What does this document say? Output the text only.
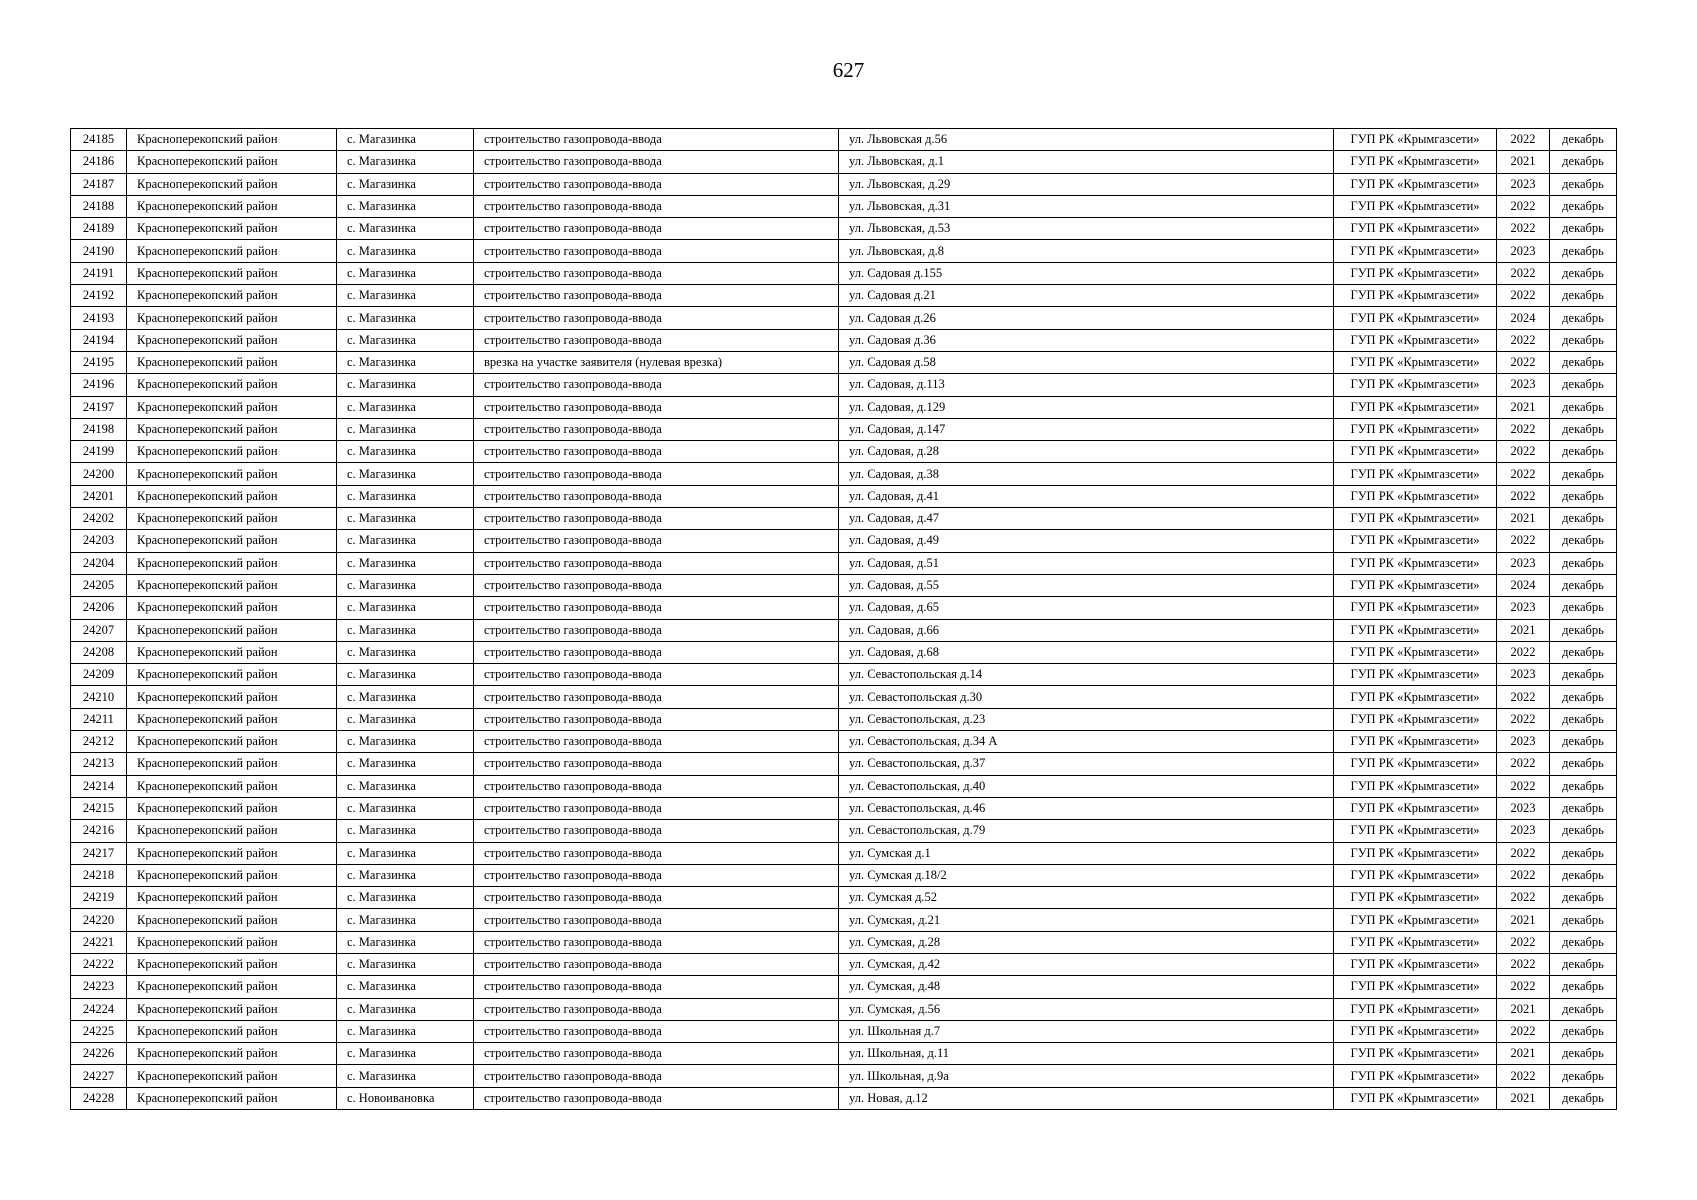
627
24185	Красноперекопский район	с. Магазинка	строительство газопровода-ввода	ул. Львовская д.56	ГУП РК «Крымгазсети»	2022	декабрь
24186	Красноперекопский район	с. Магазинка	строительство газопровода-ввода	ул. Львовская, д.1	ГУП РК «Крымгазсети»	2021	декабрь
24187	Красноперекопский район	с. Магазинка	строительство газопровода-ввода	ул. Львовская, д.29	ГУП РК «Крымгазсети»	2023	декабрь
24188	Красноперекопский район	с. Магазинка	строительство газопровода-ввода	ул. Львовская, д.31	ГУП РК «Крымгазсети»	2022	декабрь
24189	Красноперекопский район	с. Магазинка	строительство газопровода-ввода	ул. Львовская, д.53	ГУП РК «Крымгазсети»	2022	декабрь
24190	Красноперекопский район	с. Магазинка	строительство газопровода-ввода	ул. Львовская, д.8	ГУП РК «Крымгазсети»	2023	декабрь
24191	Красноперекопский район	с. Магазинка	строительство газопровода-ввода	ул. Садовая д.155	ГУП РК «Крымгазсети»	2022	декабрь
24192	Красноперекопский район	с. Магазинка	строительство газопровода-ввода	ул. Садовая д.21	ГУП РК «Крымгазсети»	2022	декабрь
24193	Красноперекопский район	с. Магазинка	строительство газопровода-ввода	ул. Садовая д.26	ГУП РК «Крымгазсети»	2024	декабрь
24194	Красноперекопский район	с. Магазинка	строительство газопровода-ввода	ул. Садовая д.36	ГУП РК «Крымгазсети»	2022	декабрь
24195	Красноперекопский район	с. Магазинка	врезка на участке заявителя (нулевая врезка)	ул. Садовая д.58	ГУП РК «Крымгазсети»	2022	декабрь
24196	Красноперекопский район	с. Магазинка	строительство газопровода-ввода	ул. Садовая, д.113	ГУП РК «Крымгазсети»	2023	декабрь
24197	Красноперекопский район	с. Магазинка	строительство газопровода-ввода	ул. Садовая, д.129	ГУП РК «Крымгазсети»	2021	декабрь
24198	Красноперекопский район	с. Магазинка	строительство газопровода-ввода	ул. Садовая, д.147	ГУП РК «Крымгазсети»	2022	декабрь
24199	Красноперекопский район	с. Магазинка	строительство газопровода-ввода	ул. Садовая, д.28	ГУП РК «Крымгазсети»	2022	декабрь
24200	Красноперекопский район	с. Магазинка	строительство газопровода-ввода	ул. Садовая, д.38	ГУП РК «Крымгазсети»	2022	декабрь
24201	Красноперекопский район	с. Магазинка	строительство газопровода-ввода	ул. Садовая, д.41	ГУП РК «Крымгазсети»	2022	декабрь
24202	Красноперекопский район	с. Магазинка	строительство газопровода-ввода	ул. Садовая, д.47	ГУП РК «Крымгазсети»	2021	декабрь
24203	Красноперекопский район	с. Магазинка	строительство газопровода-ввода	ул. Садовая, д.49	ГУП РК «Крымгазсети»	2022	декабрь
24204	Красноперекопский район	с. Магазинка	строительство газопровода-ввода	ул. Садовая, д.51	ГУП РК «Крымгазсети»	2023	декабрь
24205	Красноперекопский район	с. Магазинка	строительство газопровода-ввода	ул. Садовая, д.55	ГУП РК «Крымгазсети»	2024	декабрь
24206	Красноперекопский район	с. Магазинка	строительство газопровода-ввода	ул. Садовая, д.65	ГУП РК «Крымгазсети»	2023	декабрь
24207	Красноперекопский район	с. Магазинка	строительство газопровода-ввода	ул. Садовая, д.66	ГУП РК «Крымгазсети»	2021	декабрь
24208	Красноперекопский район	с. Магазинка	строительство газопровода-ввода	ул. Садовая, д.68	ГУП РК «Крымгазсети»	2022	декабрь
24209	Красноперекопский район	с. Магазинка	строительство газопровода-ввода	ул. Севастопольская д.14	ГУП РК «Крымгазсети»	2023	декабрь
24210	Красноперекопский район	с. Магазинка	строительство газопровода-ввода	ул. Севастопольская д.30	ГУП РК «Крымгазсети»	2022	декабрь
24211	Красноперекопский район	с. Магазинка	строительство газопровода-ввода	ул. Севастопольская, д.23	ГУП РК «Крымгазсети»	2022	декабрь
24212	Красноперекопский район	с. Магазинка	строительство газопровода-ввода	ул. Севастопольская, д.34 А	ГУП РК «Крымгазсети»	2023	декабрь
24213	Красноперекопский район	с. Магазинка	строительство газопровода-ввода	ул. Севастопольская, д.37	ГУП РК «Крымгазсети»	2022	декабрь
24214	Красноперекопский район	с. Магазинка	строительство газопровода-ввода	ул. Севастопольская, д.40	ГУП РК «Крымгазсети»	2022	декабрь
24215	Красноперекопский район	с. Магазинка	строительство газопровода-ввода	ул. Севастопольская, д.46	ГУП РК «Крымгазсети»	2023	декабрь
24216	Красноперекопский район	с. Магазинка	строительство газопровода-ввода	ул. Севастопольская, д.79	ГУП РК «Крымгазсети»	2023	декабрь
24217	Красноперекопский район	с. Магазинка	строительство газопровода-ввода	ул. Сумская д.1	ГУП РК «Крымгазсети»	2022	декабрь
24218	Красноперекопский район	с. Магазинка	строительство газопровода-ввода	ул. Сумская д.18/2	ГУП РК «Крымгазсети»	2022	декабрь
24219	Красноперекопский район	с. Магазинка	строительство газопровода-ввода	ул. Сумская д.52	ГУП РК «Крымгазсети»	2022	декабрь
24220	Красноперекопский район	с. Магазинка	строительство газопровода-ввода	ул. Сумская, д.21	ГУП РК «Крымгазсети»	2021	декабрь
24221	Красноперекопский район	с. Магазинка	строительство газопровода-ввода	ул. Сумская, д.28	ГУП РК «Крымгазсети»	2022	декабрь
24222	Красноперекопский район	с. Магазинка	строительство газопровода-ввода	ул. Сумская, д.42	ГУП РК «Крымгазсети»	2022	декабрь
24223	Красноперекопский район	с. Магазинка	строительство газопровода-ввода	ул. Сумская, д.48	ГУП РК «Крымгазсети»	2022	декабрь
24224	Красноперекопский район	с. Магазинка	строительство газопровода-ввода	ул. Сумская, д.56	ГУП РК «Крымгазсети»	2021	декабрь
24225	Красноперекопский район	с. Магазинка	строительство газопровода-ввода	ул. Школьная д.7	ГУП РК «Крымгазсети»	2022	декабрь
24226	Красноперекопский район	с. Магазинка	строительство газопровода-ввода	ул. Школьная, д.11	ГУП РК «Крымгазсети»	2021	декабрь
24227	Красноперекопский район	с. Магазинка	строительство газопровода-ввода	ул. Школьная, д.9а	ГУП РК «Крымгазсети»	2022	декабрь
24228	Красноперекопский район	с. Новоивановка	строительство газопровода-ввода	ул. Новая, д.12	ГУП РК «Крымгазсети»	2021	декабрь
